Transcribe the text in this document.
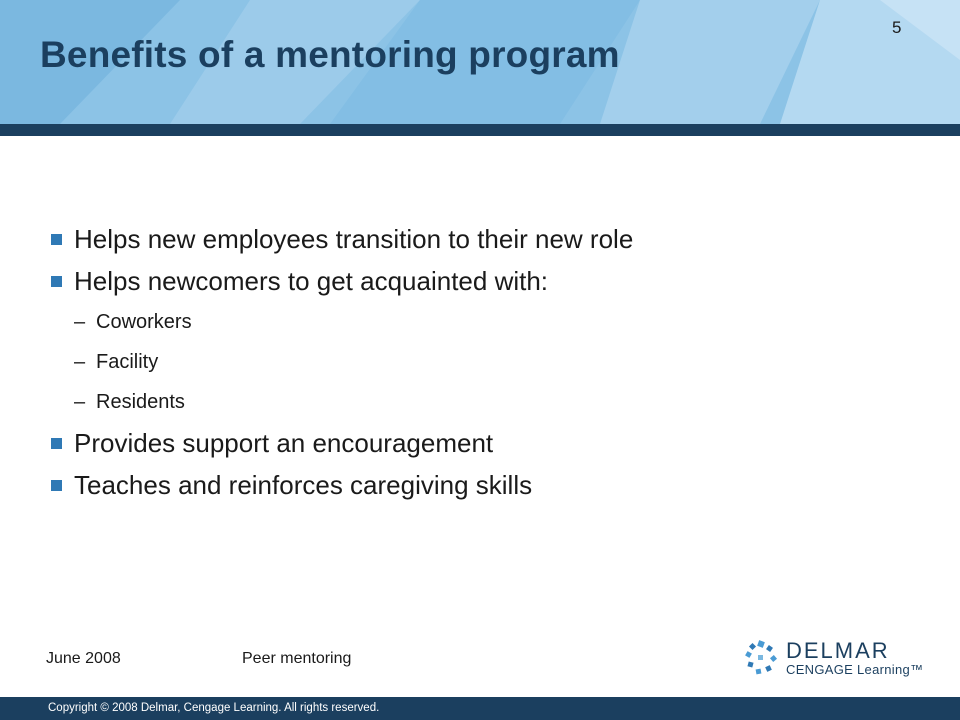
Benefits of a mentoring program
5
Helps new employees transition to their new role
Helps newcomers to get acquainted with:
– Coworkers
– Facility
– Residents
Provides support an encouragement
Teaches and reinforces caregiving skills
June 2008	Peer mentoring	DELMAR
CENGAGE Learning™
Copyright © 2008 Delmar, Cengage Learning. All rights reserved.
